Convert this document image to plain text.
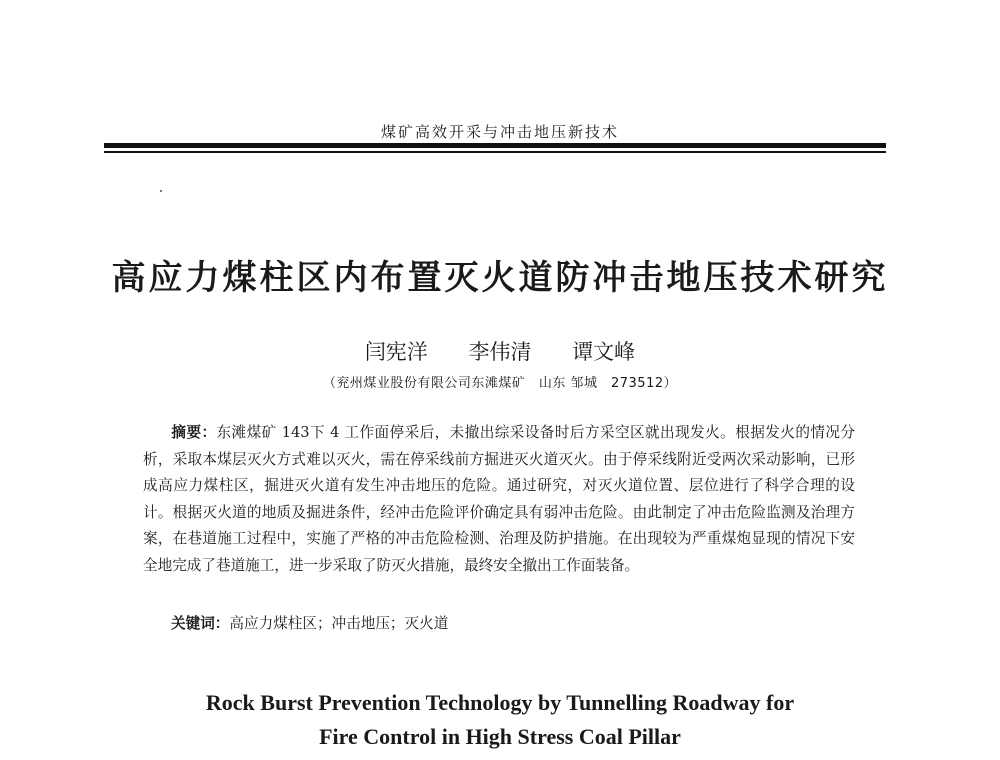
煤矿高效开采与冲击地压新技术
高应力煤柱区内布置灭火道防冲击地压技术研究
闫宪洋 李伟清 谭文峰
（兖州煤业股份有限公司东滩煤矿　山东 邹城　273512）
摘要：东滩煤矿 143下 4 工作面停采后，未撤出综采设备时后方采空区就出现发火。根据发火的情况分析，采取本煤层灭火方式难以灭火，需在停采线前方掘进灭火道灭火。由于停采线附近受两次采动影响，已形成高应力煤柱区，掘进灭火道有发生冲击地压的危险。通过研究，对灭火道位置、层位进行了科学合理的设计。根据灭火道的地质及掘进条件，经冲击危险评价确定具有弱冲击危险。由此制定了冲击危险监测及治理方案，在巷道施工过程中，实施了严格的冲击危险检测、治理及防护措施。在出现较为严重煤炮显现的情况下安全地完成了巷道施工，进一步采取了防灭火措施，最终安全撤出工作面装备。
关键词：高应力煤柱区；冲击地压；灭火道
Rock Burst Prevention Technology by Tunnelling Roadway for
Fire Control in High Stress Coal Pillar
